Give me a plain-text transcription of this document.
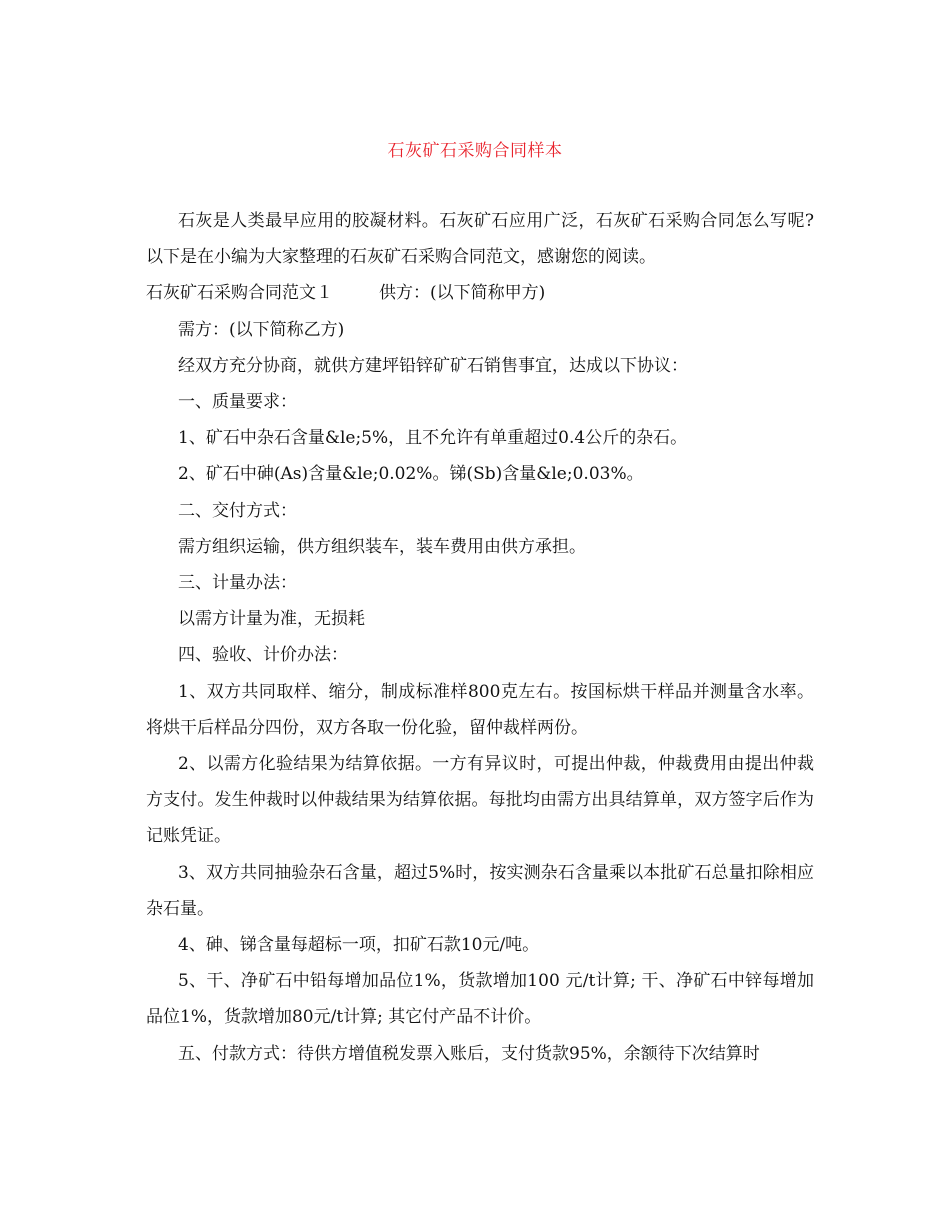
石灰矿石采购合同样本

石灰是人类最早应用的胶凝材料。石灰矿石应用广泛，石灰矿石采购合同怎么写呢?以下是在小编为大家整理的石灰矿石采购合同范文，感谢您的阅读。

石灰矿石采购合同范文１	供方：(以下简称甲方)

需方：(以下简称乙方)

经双方充分协商，就供方建坪铅锌矿矿石销售事宜，达成以下协议：

一、质量要求：

1、矿石中杂石含量&le;5%，且不允许有单重超过0.4公斤的杂石。

2、矿石中砷(As)含量&le;0.02%。锑(Sb)含量&le;0.03%。

二、交付方式：

需方组织运输，供方组织装车，装车费用由供方承担。

三、计量办法：

以需方计量为准，无损耗

四、验收、计价办法：

1、双方共同取样、缩分，制成标准样800克左右。按国标烘干样品并测量含水率。将烘干后样品分四份，双方各取一份化验，留仲裁样两份。

2、以需方化验结果为结算依据。一方有异议时，可提出仲裁，仲裁费用由提出仲裁方支付。发生仲裁时以仲裁结果为结算依据。每批均由需方出具结算单，双方签字后作为记账凭证。

3、双方共同抽验杂石含量，超过5%时，按实测杂石含量乘以本批矿石总量扣除相应杂石量。

4、砷、锑含量每超标一项，扣矿石款10元/吨。

5、干、净矿石中铅每增加品位1%，货款增加100 元/t计算; 干、净矿石中锌每增加品位1%，货款增加80元/t计算; 其它付产品不计价。

五、付款方式：待供方增值税发票入账后，支付货款95%，余额待下次结算时
